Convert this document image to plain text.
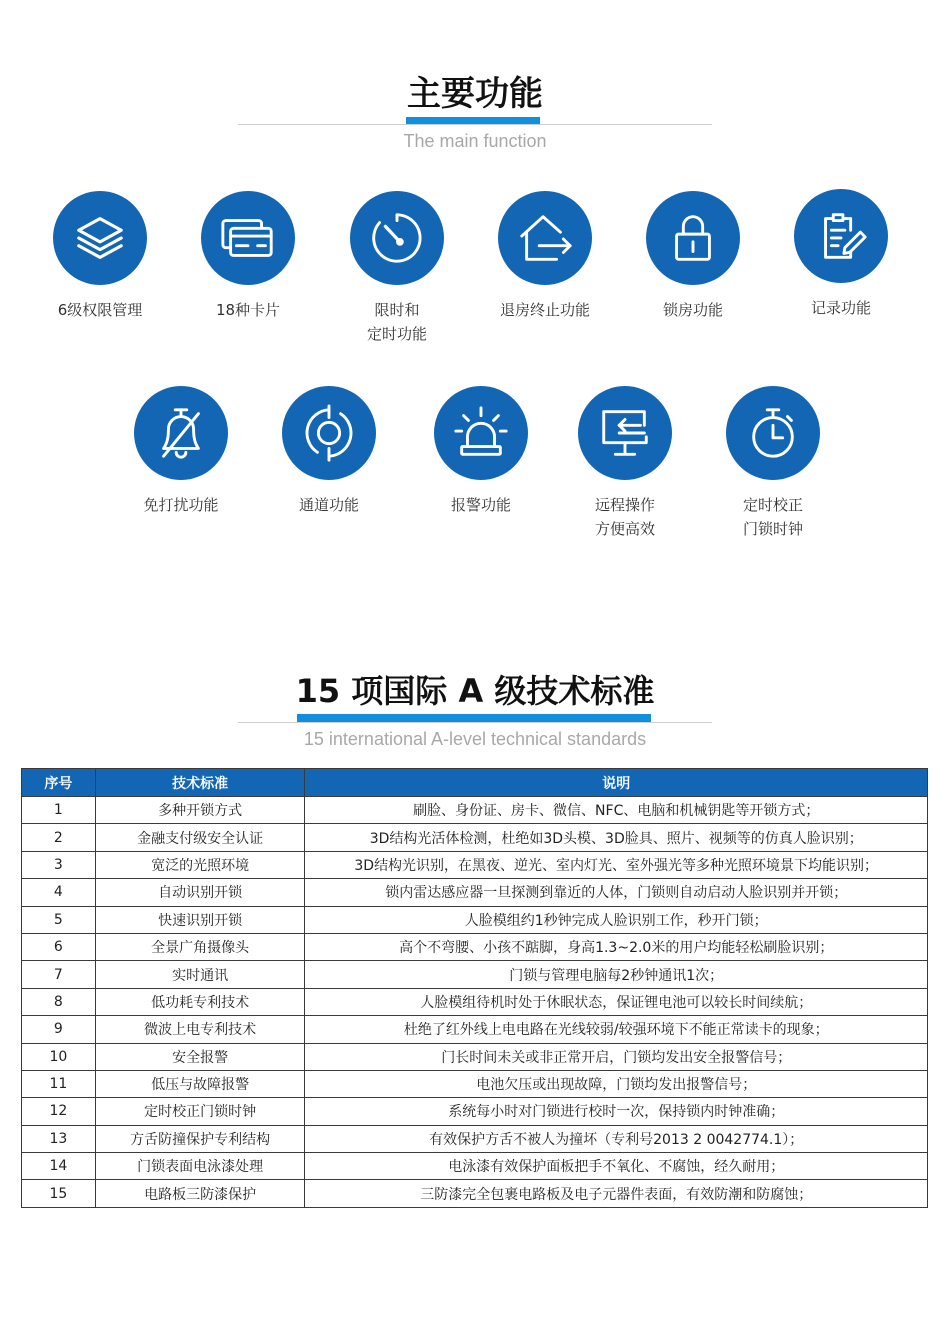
主要功能
The main function
6级权限管理	18种卡片	限时和
定时功能
退房终止功能	锁房功能	记录功能
免打扰功能	通道功能	报警功能	远程操作
方便高效
定时校正
门锁时钟
15 项国际 A 级技术标准
15 international A-level technical standards
序号	技术标准	说明
1	多种开锁方式	刷脸、身份证、房卡、微信、NFC、电脑和机械钥匙等开锁方式；
2	金融支付级安全认证	3D结构光活体检测，杜绝如3D头模、3D脸具、照片、视频等的仿真人脸识别；
3	宽泛的光照环境	3D结构光识别，在黑夜、逆光、室内灯光、室外强光等多种光照环境景下均能识别；
4	自动识别开锁	锁内雷达感应器一旦探测到靠近的人体，门锁则自动启动人脸识别并开锁；
5	快速识别开锁	人脸模组约1秒钟完成人脸识别工作，秒开门锁；
6	全景广角摄像头	高个不弯腰、小孩不踮脚，身高1.3~2.0米的用户均能轻松刷脸识别；
7	实时通讯	门锁与管理电脑每2秒钟通讯1次；
8	低功耗专利技术	人脸模组待机时处于休眠状态，保证锂电池可以较长时间续航；
9	微波上电专利技术	杜绝了红外线上电电路在光线较弱/较强环境下不能正常读卡的现象；
10	安全报警	门长时间未关或非正常开启，门锁均发出安全报警信号；
11	低压与故障报警	电池欠压或出现故障，门锁均发出报警信号；
12	定时校正门锁时钟	系统每小时对门锁进行校时一次，保持锁内时钟准确；
13	方舌防撞保护专利结构	有效保护方舌不被人为撞坏（专利号2013 2 0042774.1）；
14	门锁表面电泳漆处理	电泳漆有效保护面板把手不氧化、不腐蚀，经久耐用；
15	电路板三防漆保护	三防漆完全包裹电路板及电子元器件表面，有效防潮和防腐蚀；
